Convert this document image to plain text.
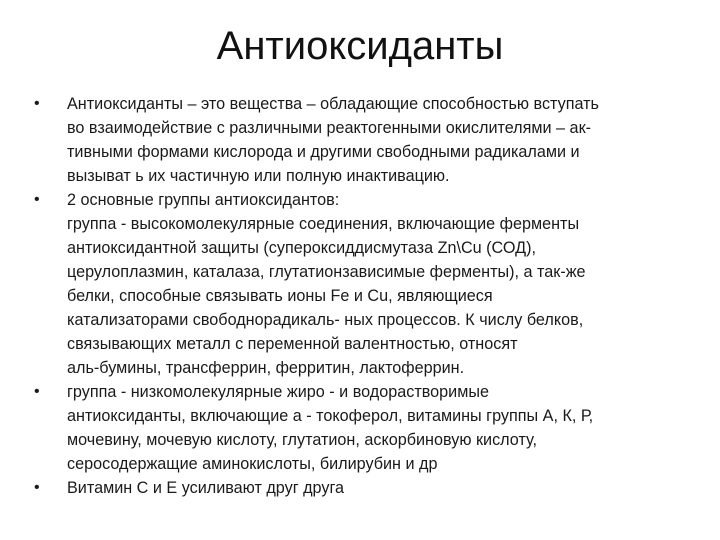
Антиоксиданты
• Антиоксиданты – это вещества – обладающие способностью вступать
во взаимодействие с различными реактогенными окислителями – ак-
тивными формами кислорода и другими свободными радикалами и
вызыват ь их частичную или полную инактивацию.
• 2 основные группы антиоксидантов:
группа - высокомолекулярные соединения, включающие ферменты
антиоксидантной защиты (супероксиддисмутаза Zn\Cu (СОД),
церулоплазмин, каталаза, глутатионзависимые ферменты), а так-же
белки, способные связывать ионы Fe и Cu, являющиеся
катализаторами свободнорадикаль- ных процессов. К числу белков,
связывающих металл с переменной валентностью, относят
аль-бумины, трансферрин, ферритин, лактоферрин.
• группа - низкомолекулярные жиро - и водорастворимые
антиоксиданты, включающие а - токоферол, витамины группы А, К, Р,
мочевину, мочевую кислоту, глутатион, аскорбиновую кислоту,
серосодержащие аминокислоты, билирубин и др
• Витамин С и Е усиливают друг друга
